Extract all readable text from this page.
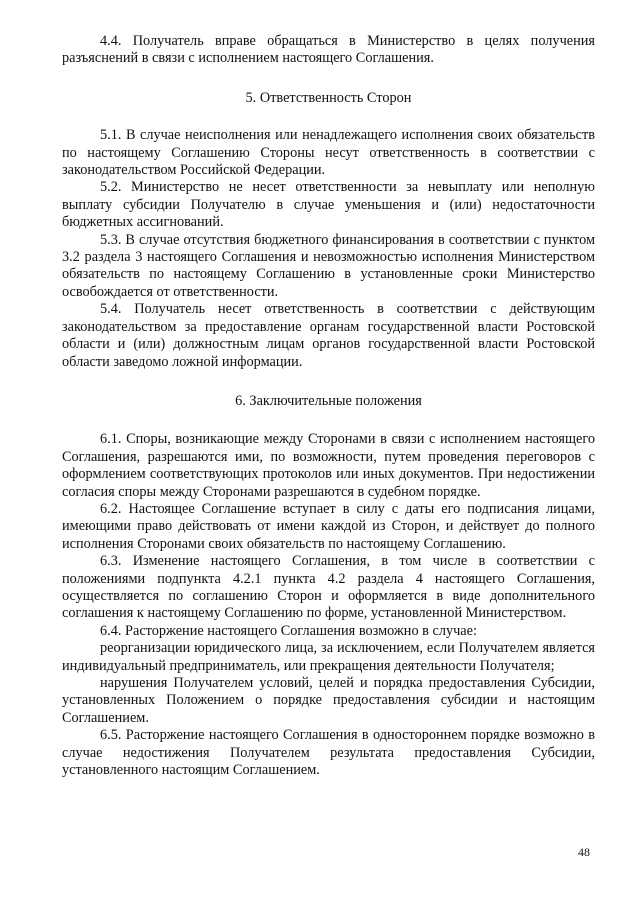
4.4. Получатель вправе обращаться в Министерство в целях получения разъяснений в связи с исполнением настоящего Соглашения.

5. Ответственность Сторон

5.1. В случае неисполнения или ненадлежащего исполнения своих обязательств по настоящему Соглашению Стороны несут ответственность в соответствии с законодательством Российской Федерации.

5.2. Министерство не несет ответственности за невыплату или неполную выплату субсидии Получателю в случае уменьшения и (или) недостаточности бюджетных ассигнований.

5.3. В случае отсутствия бюджетного финансирования в соответствии с пунктом 3.2 раздела 3 настоящего Соглашения и невозможностью исполнения Министерством обязательств по настоящему Соглашению в установленные сроки Министерство освобождается от ответственности.

5.4. Получатель несет ответственность в соответствии с действующим законодательством за предоставление органам государственной власти Ростовской области и (или) должностным лицам органов государственной власти Ростовской области заведомо ложной информации.

6. Заключительные положения

6.1. Споры, возникающие между Сторонами в связи с исполнением настоящего Соглашения, разрешаются ими, по возможности, путем проведения переговоров с оформлением соответствующих протоколов или иных документов. При недостижении согласия споры между Сторонами разрешаются в судебном порядке.

6.2. Настоящее Соглашение вступает в силу с даты его подписания лицами, имеющими право действовать от имени каждой из Сторон, и действует до полного исполнения Сторонами своих обязательств по настоящему Соглашению.

6.3. Изменение настоящего Соглашения, в том числе в соответствии с положениями подпункта 4.2.1 пункта 4.2 раздела 4 настоящего Соглашения, осуществляется по соглашению Сторон и оформляется в виде дополнительного соглашения к настоящему Соглашению по форме, установленной Министерством.

6.4. Расторжение настоящего Соглашения возможно в случае:

реорганизации юридического лица, за исключением, если Получателем является индивидуальный предприниматель, или прекращения деятельности Получателя;

нарушения Получателем условий, целей и порядка предоставления Субсидии, установленных Положением о порядке предоставления субсидии и настоящим Соглашением.

6.5. Расторжение настоящего Соглашения в одностороннем порядке возможно в случае недостижения Получателем результата предоставления Субсидии, установленного настоящим Соглашением.

48
